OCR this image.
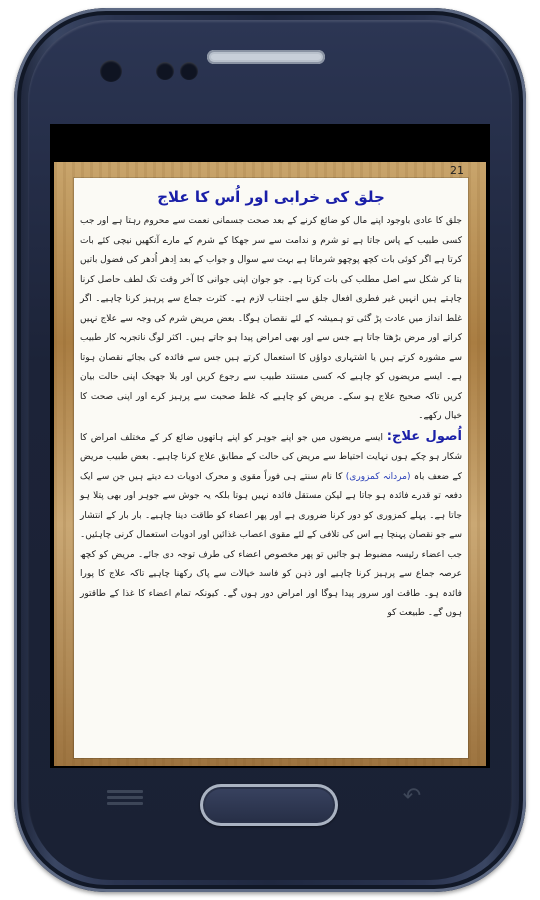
21
جلق کی خرابی اور اُس کا علاج
جلق کا عادی باوجود اپنے مال کو ضائع کرنے کے بعد صحت جسمانی نعمت سے محروم رہتا ہے اور جب کسی طبیب کے پاس جاتا ہے تو شرم و ندامت سے سر جھکا کے شرم کے مارے آنکھیں نیچی کئے بات کرتا ہے اگر کوئی بات کچھ پوچھو شرماتا ہے بہت سے سوال و جواب کے بعد اِدھر اُدھر کی فضول باتیں بتا کر شکل سے اصل مطلب کی بات کرتا ہے۔ جو جوان اپنی جوانی کا آخر وقت تک لطف حاصل کرنا چاہتے ہیں انہیں غیر فطری افعال جلق سے اجتناب لازم ہے۔ کثرت جماع سے پرہیز کرنا چاہیے۔ اگر غلط انداز میں عادت پڑ گئی تو ہمیشہ کے لئے نقصان ہوگا۔ بعض مریض شرم کی وجہ سے علاج نہیں کراتے اور مرض بڑھتا جاتا ہے جس سے اور بھی امراض پیدا ہو جاتے ہیں۔ اکثر لوگ ناتجربہ کار طبیب سے مشورہ کرتے ہیں یا اشتہاری دواؤں کا استعمال کرتے ہیں جس سے فائدہ کی بجائے نقصان ہوتا ہے۔ ایسے مریضوں کو چاہیے کہ کسی مستند طبیب سے رجوع کریں اور بلا جھجک اپنی حالت بیان کریں تاکہ صحیح علاج ہو سکے۔ مریض کو چاہیے کہ غلط صحبت سے پرہیز کرے اور اپنی صحت کا خیال رکھے۔
اُصول علاج: ایسے مریضوں میں جو اپنے جوہر کو اپنے ہاتھوں ضائع کر کے مختلف امراض کا شکار ہو چکے ہوں نہایت احتیاط سے مریض کی حالت کے مطابق علاج کرنا چاہیے۔ بعض طبیب مریض کے ضعف باہ (مردانہ کمزوری) کا نام سنتے ہی فوراً مقوی و محرک ادویات دے دیتے ہیں جن سے ایک دفعہ تو قدرے فائدہ ہو جاتا ہے لیکن مستقل فائدہ نہیں ہوتا بلکہ یہ جوش سے جوہر اور بھی پتلا ہو جاتا ہے۔ پہلے کمزوری کو دور کرنا ضروری ہے اور پھر اعضاء کو طاقت دینا چاہیے۔ بار بار کے انتشار سے جو نقصان پہنچا ہے اس کی تلافی کے لئے مقوی اعصاب غذائیں اور ادویات استعمال کرنی چاہئیں۔ جب اعضاء رئیسہ مضبوط ہو جائیں تو پھر مخصوص اعضاء کی طرف توجہ دی جائے۔ مریض کو کچھ عرصہ جماع سے پرہیز کرنا چاہیے اور ذہن کو فاسد خیالات سے پاک رکھنا چاہیے تاکہ علاج کا پورا فائدہ ہو۔ طاقت اور سرور پیدا ہوگا اور امراض دور ہوں گے۔ کیونکہ تمام اعضاء کا غذا کے طاقتور ہوں گے۔ طبیعت کو
↶
